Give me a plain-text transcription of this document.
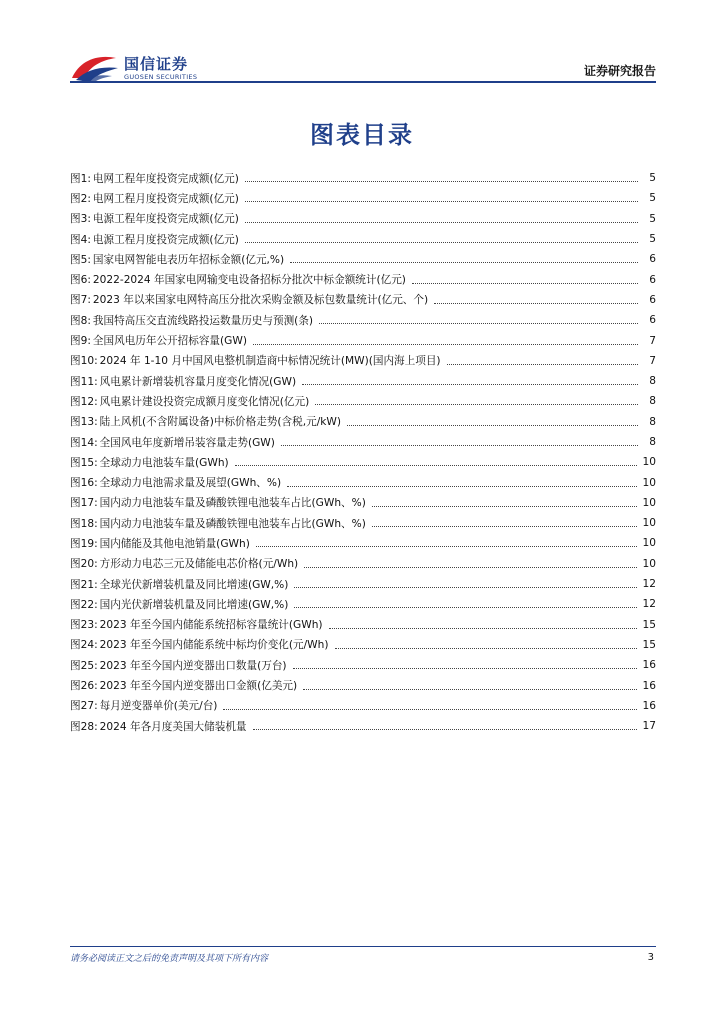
国信证券
GUOSEN SECURITIES	证券研究报告
图表目录
图1: 电网工程年度投资完成额(亿元)	5
图2: 电网工程月度投资完成额(亿元)	5
图3: 电源工程年度投资完成额(亿元)	5
图4: 电源工程月度投资完成额(亿元)	5
图5: 国家电网智能电表历年招标金额(亿元,%)	6
图6: 2022-2024 年国家电网输变电设备招标分批次中标金额统计(亿元)	6
图7: 2023 年以来国家电网特高压分批次采购金额及标包数量统计(亿元、个)	6
图8: 我国特高压交直流线路投运数量历史与预测(条)	6
图9: 全国风电历年公开招标容量(GW)	7
图10: 2024 年 1-10 月中国风电整机制造商中标情况统计(MW)(国内海上项目)	7
图11: 风电累计新增装机容量月度变化情况(GW)	8
图12: 风电累计建设投资完成额月度变化情况(亿元)	8
图13: 陆上风机(不含附属设备)中标价格走势(含税,元/kW)	8
图14: 全国风电年度新增吊装容量走势(GW)	8
图15: 全球动力电池装车量(GWh)	10
图16: 全球动力电池需求量及展望(GWh、%)	10
图17: 国内动力电池装车量及磷酸铁锂电池装车占比(GWh、%)	10
图18: 国内动力电池装车量及磷酸铁锂电池装车占比(GWh、%)	10
图19: 国内储能及其他电池销量(GWh)	10
图20: 方形动力电芯三元及储能电芯价格(元/Wh)	10
图21: 全球光伏新增装机量及同比增速(GW,%)	12
图22: 国内光伏新增装机量及同比增速(GW,%)	12
图23: 2023 年至今国内储能系统招标容量统计(GWh)	15
图24: 2023 年至今国内储能系统中标均价变化(元/Wh)	15
图25: 2023 年至今国内逆变器出口数量(万台)	16
图26: 2023 年至今国内逆变器出口金额(亿美元)	16
图27: 每月逆变器单价(美元/台)	16
图28: 2024 年各月度美国大储装机量	17
请务必阅读正文之后的免责声明及其项下所有内容	3
